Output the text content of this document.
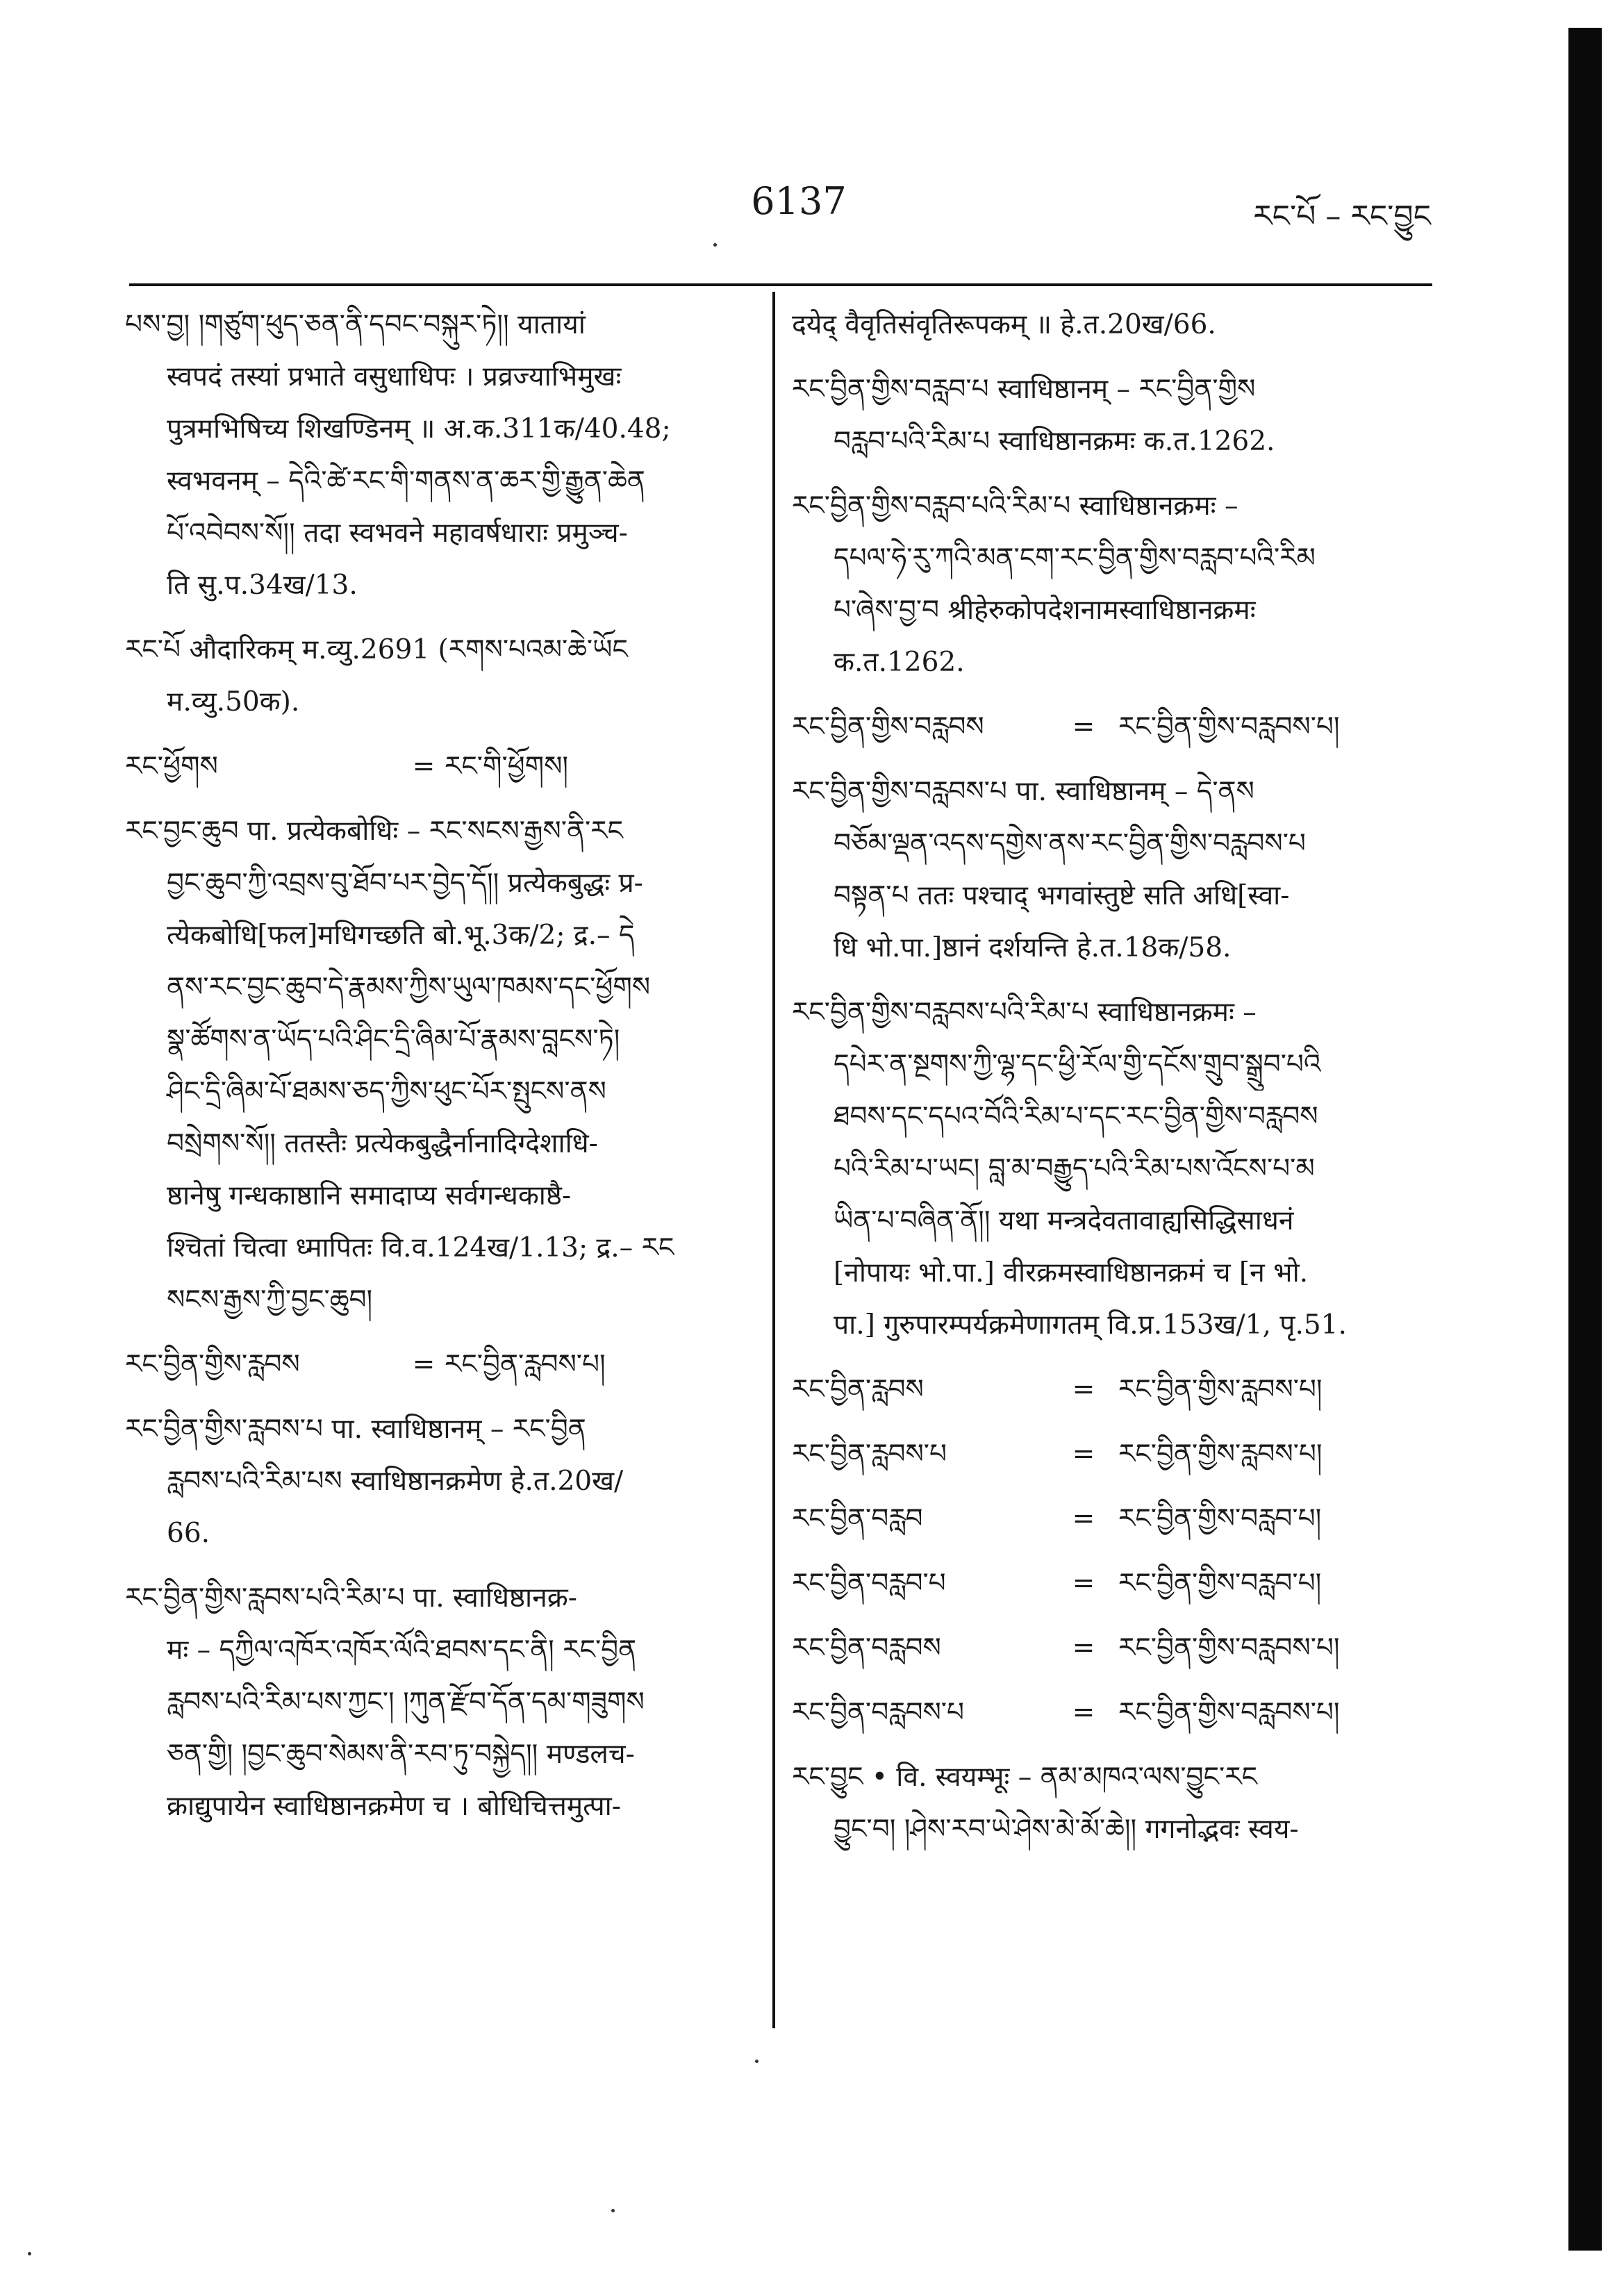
6137	རང་པོ – རང་བྱུང
པས་བྱ། །གཙུག་ཕུད་ཅན་ནི་དབང་བསྐུར་ཏེ།། यातायां
स्वपदं तस्यां प्रभाते वसुधाधिपः । प्रव्रज्याभिमुखः
पुत्रमभिषिच्य शिखण्डिनम् ॥ अ.क.311क/40.48;
स्वभवनम् – དེའི་ཚེ་རང་གི་གནས་ན་ཆར་གྱི་རྒྱུན་ཆེན
པོ་འབེབས་སོ།། तदा स्वभवने महावर्षधाराः प्रमुञ्च-
ति सु.प.34ख/13.
རང་པོ औदारिकम् म.व्यु.2691 (རགས་པའམ་ཆེ་ཡོང
म.व्यु.50क).
རང་ཕྱོགས	= རང་གི་ཕྱོགས།
རང་བྱང་ཆུབ पा. प्रत्येकबोधिः – རང་སངས་རྒྱས་ནི་རང
བྱང་ཆུབ་ཀྱི་འབྲས་བུ་ཐོབ་པར་བྱེད་དོ།། प्रत्येकबुद्धः प्र-
त्येकबोधि[फल]मधिगच्छति बो.भू.3क/2; द्र.– དེ
ནས་རང་བྱང་ཆུབ་དེ་རྣམས་ཀྱིས་ཡུལ་ཁམས་དང་ཕྱོགས
སྣ་ཚོགས་ན་ཡོད་པའི་ཤིང་དྲི་ཞིམ་པོ་རྣམས་བླངས་ཏེ།
ཤིང་དྲི་ཞིམ་པོ་ཐམས་ཅད་ཀྱིས་ཕུང་པོར་སྤུངས་ནས
བསྲེགས་སོ།། ततस्तैः प्रत्येकबुद्धैर्नानादिग्देशाधि-
ष्ठानेषु गन्धकाष्ठानि समादाप्य सर्वगन्धकाष्ठै-
श्चितां चित्वा ध्मापितः वि.व.124ख/1.13; द्र.– རང
སངས་རྒྱས་ཀྱི་བྱང་ཆུབ།
རང་བྱིན་གྱིས་རླབས	= རང་བྱིན་རླབས་པ།
རང་བྱིན་གྱིས་རླབས་པ पा. स्वाधिष्ठानम् – རང་བྱིན
རླབས་པའི་རིམ་པས स्वाधिष्ठानक्रमेण हे.त.20ख/
66.
རང་བྱིན་གྱིས་རླབས་པའི་རིམ་པ पा. स्वाधिष्ठानक्र-
मः – དཀྱིལ་འཁོར་འཁོར་ལོའི་ཐབས་དང་ནི། རང་བྱིན
རླབས་པའི་རིམ་པས་ཀྱང་། །ཀུན་རྫོབ་དོན་དམ་གཟུགས
ཅན་གྱི། །བྱང་ཆུབ་སེམས་ནི་རབ་ཏུ་བསྐྱེད།། मण्डलच-
क्राद्युपायेन स्वाधिष्ठानक्रमेण च । बोधिचित्तमुत्पा-
दयेद् वैवृतिसंवृतिरूपकम् ॥ हे.त.20ख/66.
རང་བྱིན་གྱིས་བརླབ་པ स्वाधिष्ठानम् – རང་བྱིན་གྱིས
བརླབ་པའི་རིམ་པ स्वाधिष्ठानक्रमः क.त.1262.
རང་བྱིན་གྱིས་བརླབ་པའི་རིམ་པ स्वाधिष्ठानक्रमः –
དཔལ་ཧེ་རུ་ཀའི་མན་ངག་རང་བྱིན་གྱིས་བརླབ་པའི་རིམ
པ་ཞེས་བྱ་བ श्रीहेरुकोपदेशनामस्वाधिष्ठानक्रमः
क.त.1262.
རང་བྱིན་གྱིས་བརླབས	= རང་བྱིན་གྱིས་བརླབས་པ།
རང་བྱིན་གྱིས་བརླབས་པ पा. स्वाधिष्ठानम् – དེ་ནས
བཅོམ་ལྡན་འདས་དགྱེས་ནས་རང་བྱིན་གྱིས་བརླབས་པ
བསྟན་པ ततः पश्चाद् भगवांस्तुष्टे सति अधि[स्वा-
धि भो.पा.]ष्ठानं दर्शयन्ति हे.त.18क/58.
རང་བྱིན་གྱིས་བརླབས་པའི་རིམ་པ स्वाधिष्ठानक्रमः –
དཔེར་ན་སྔགས་ཀྱི་ལྷ་དང་ཕྱི་རོལ་གྱི་དངོས་གྲུབ་སྒྲུབ་པའི
ཐབས་དང་དཔའ་བོའི་རིམ་པ་དང་རང་བྱིན་གྱིས་བརླབས
པའི་རིམ་པ་ཡང། བླ་མ་བརྒྱུད་པའི་རིམ་པས་འོངས་པ་མ
ཡིན་པ་བཞིན་ནོ།། यथा मन्त्रदेवतावाह्यसिद्धिसाधनं
[नोपायः भो.पा.] वीरक्रमस्वाधिष्ठानक्रमं च [न भो.
पा.] गुरुपारम्पर्यक्रमेणागतम् वि.प्र.153ख/1, पृ.51.
རང་བྱིན་རླབས	= རང་བྱིན་གྱིས་རླབས་པ།
རང་བྱིན་རླབས་པ	= རང་བྱིན་གྱིས་རླབས་པ།
རང་བྱིན་བརླབ	= རང་བྱིན་གྱིས་བརླབ་པ།
རང་བྱིན་བརླབ་པ	= རང་བྱིན་གྱིས་བརླབ་པ།
རང་བྱིན་བརླབས	= རང་བྱིན་གྱིས་བརླབས་པ།
རང་བྱིན་བརླབས་པ	= རང་བྱིན་གྱིས་བརླབས་པ།
རང་བྱུང • वि. स्वयम्भूः – ནམ་མཁའ་ལས་བྱུང་རང
བྱུང་བ། །ཤེས་རབ་ཡེ་ཤེས་མེ་མོ་ཆེ།། गगनोद्भवः स्वय-
